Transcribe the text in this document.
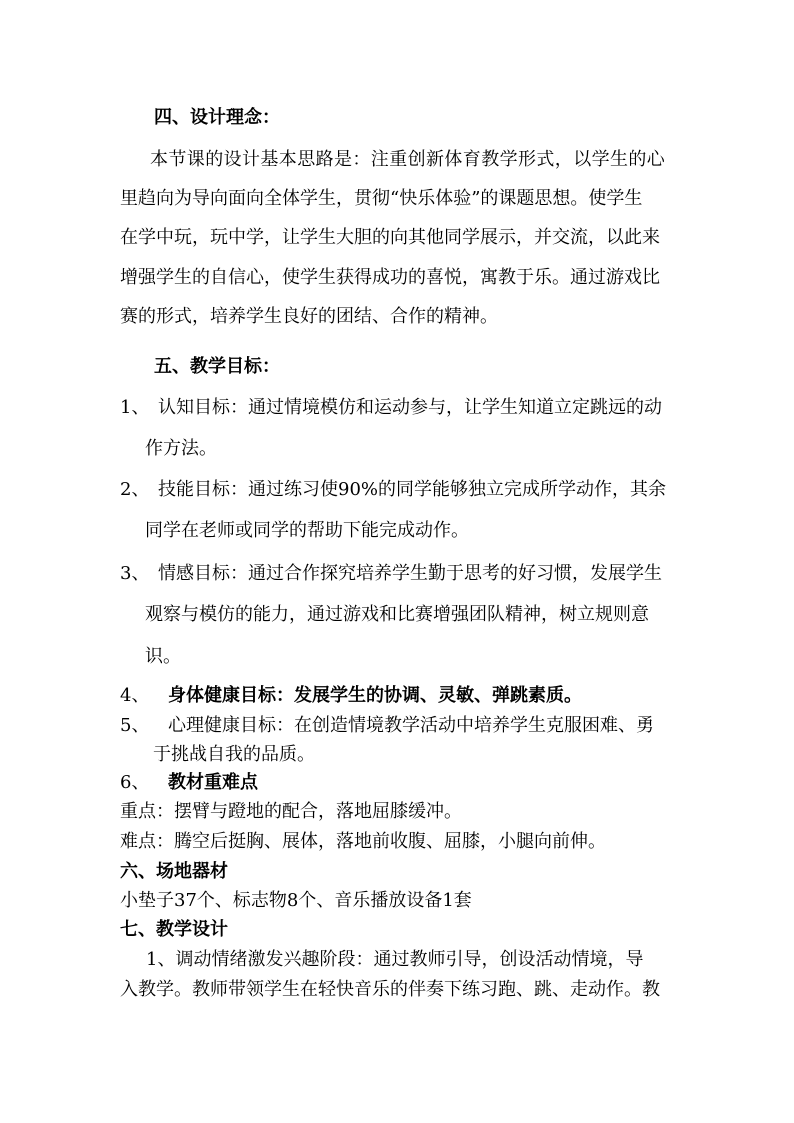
四、设计理念：
本节课的设计基本思路是：注重创新体育教学形式，以学生的心
里趋向为导向面向全体学生，贯彻“快乐体验”的课题思想。使学生
在学中玩，玩中学，让学生大胆的向其他同学展示，并交流，以此来
增强学生的自信心，使学生获得成功的喜悦，寓教于乐。通过游戏比
赛的形式，培养学生良好的团结、合作的精神。
五、教学目标：
1、 认知目标：通过情境模仿和运动参与，让学生知道立定跳远的动
作方法。
2、 技能目标：通过练习使90%的同学能够独立完成所学动作，其余
同学在老师或同学的帮助下能完成动作。
3、 情感目标：通过合作探究培养学生勤于思考的好习惯，发展学生
观察与模仿的能力，通过游戏和比赛增强团队精神，树立规则意
识。
4、 身体健康目标：发展学生的协调、灵敏、弹跳素质。
5、 心理健康目标：在创造情境教学活动中培养学生克服困难、勇
于挑战自我的品质。
6、 教材重难点
重点：摆臂与蹬地的配合，落地屈膝缓冲。
难点：腾空后挺胸、展体，落地前收腹、屈膝，小腿向前伸。
六、场地器材
小垫子37个、标志物8个、音乐播放设备1套
七、教学设计
1、调动情绪激发兴趣阶段：通过教师引导，创设活动情境，导
入教学。教师带领学生在轻快音乐的伴奏下练习跑、跳、走动作。教
